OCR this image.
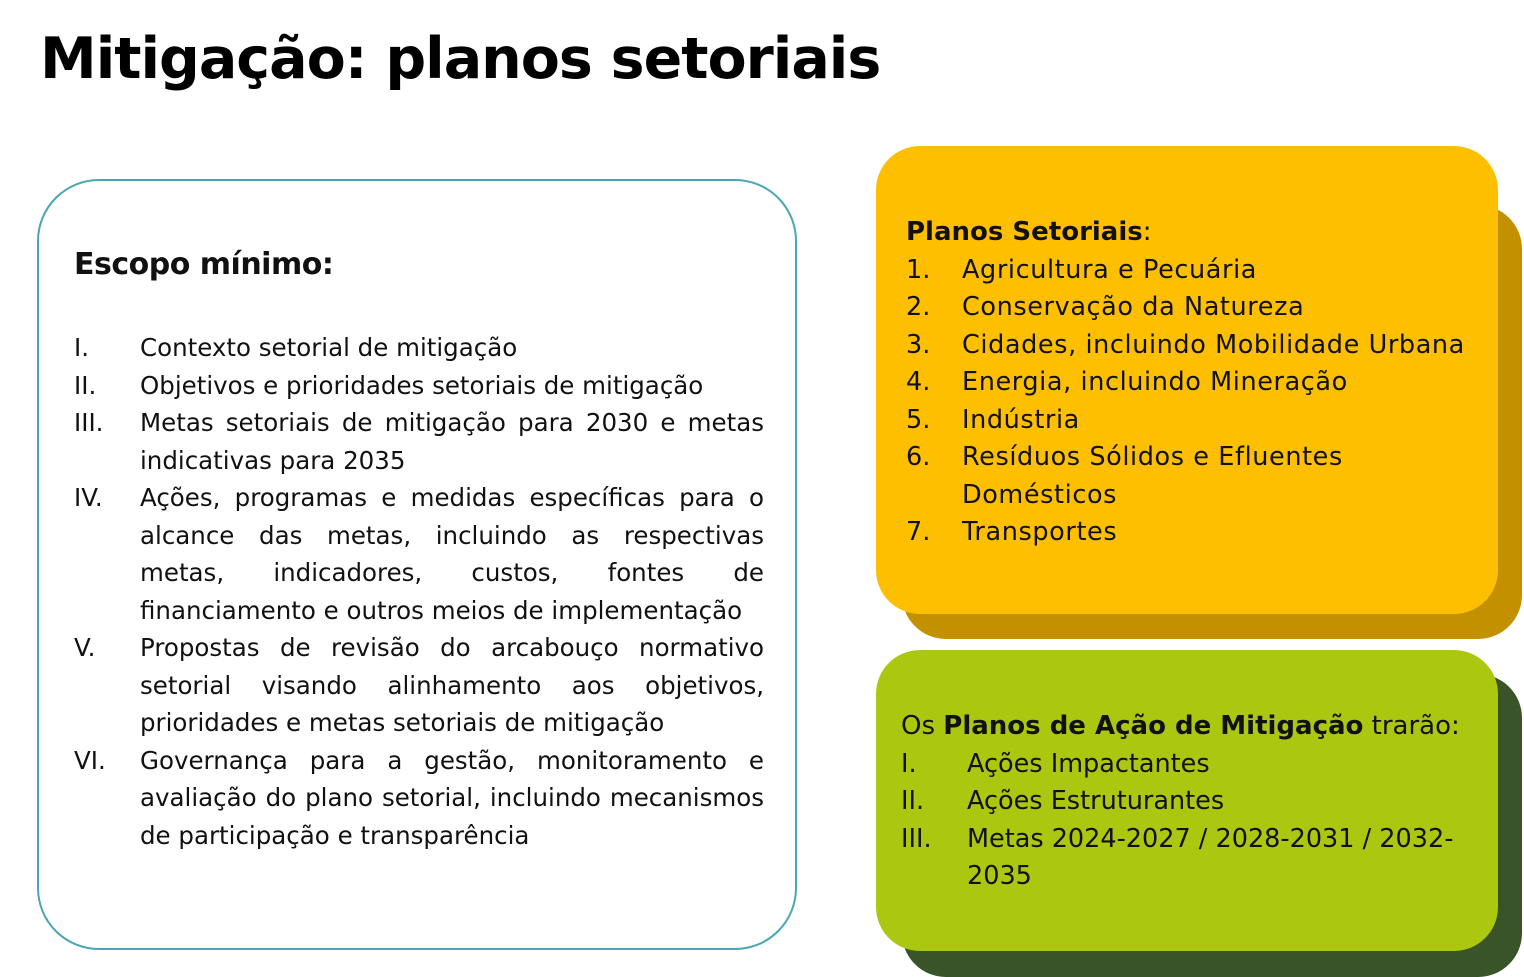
Mitigação: planos setoriais
Escopo mínimo:
I.	Contexto setorial de mitigação
II.	Objetivos e prioridades setoriais de mitigação
III.	Metas setoriais de mitigação para 2030 e metas indicativas para 2035
IV.	Ações, programas e medidas específicas para o alcance das metas, incluindo as respectivas metas, indicadores, custos, fontes de financiamento e outros meios de implementação
V.	Propostas de revisão do arcabouço normativo setorial visando alinhamento aos objetivos, prioridades e metas setoriais de mitigação
VI.	Governança para a gestão, monitoramento e avaliação do plano setorial, incluindo mecanismos de participação e transparência

Planos Setoriais:

1.	Agricultura e Pecuária
2.	Conservação da Natureza
3.	Cidades, incluindo Mobilidade Urbana
4.	Energia, incluindo Mineração
5.	Indústria
6.	Resíduos Sólidos e Efluentes Domésticos
7.	Transportes

Os Planos de Ação de Mitigação trarão:

I.	Ações Impactantes
II.	Ações Estruturantes
III.	Metas 2024-2027 / 2028-2031 / 2032-2035
